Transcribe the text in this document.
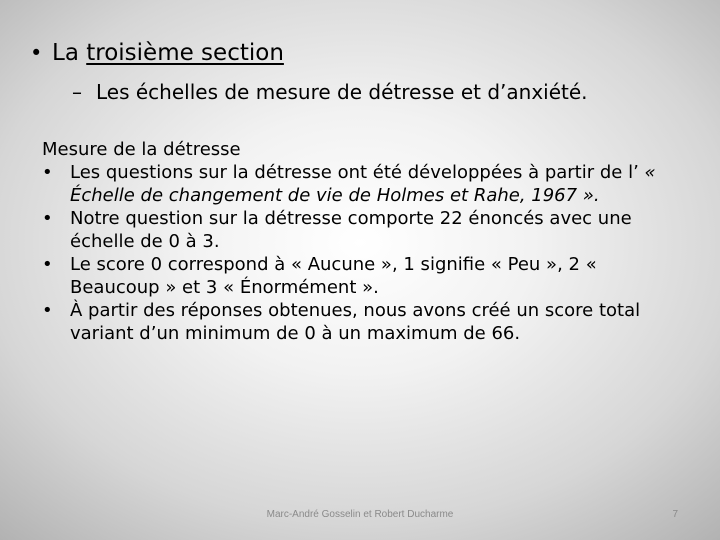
• La troisième section
– Les échelles de mesure de détresse et d’anxiété.
Mesure de la détresse
• Les questions sur la détresse ont été développées à partir de l’ « Échelle de changement de vie de Holmes et Rahe, 1967 ».
• Notre question sur la détresse comporte 22 énoncés avec une échelle de 0 à 3.
• Le score 0 correspond à « Aucune », 1 signifie « Peu », 2 « Beaucoup » et 3 « Énormément ».
• À partir des réponses obtenues, nous avons créé un score total variant d’un minimum de 0 à un maximum de 66.
Marc-André Gosselin et Robert Ducharme	7
